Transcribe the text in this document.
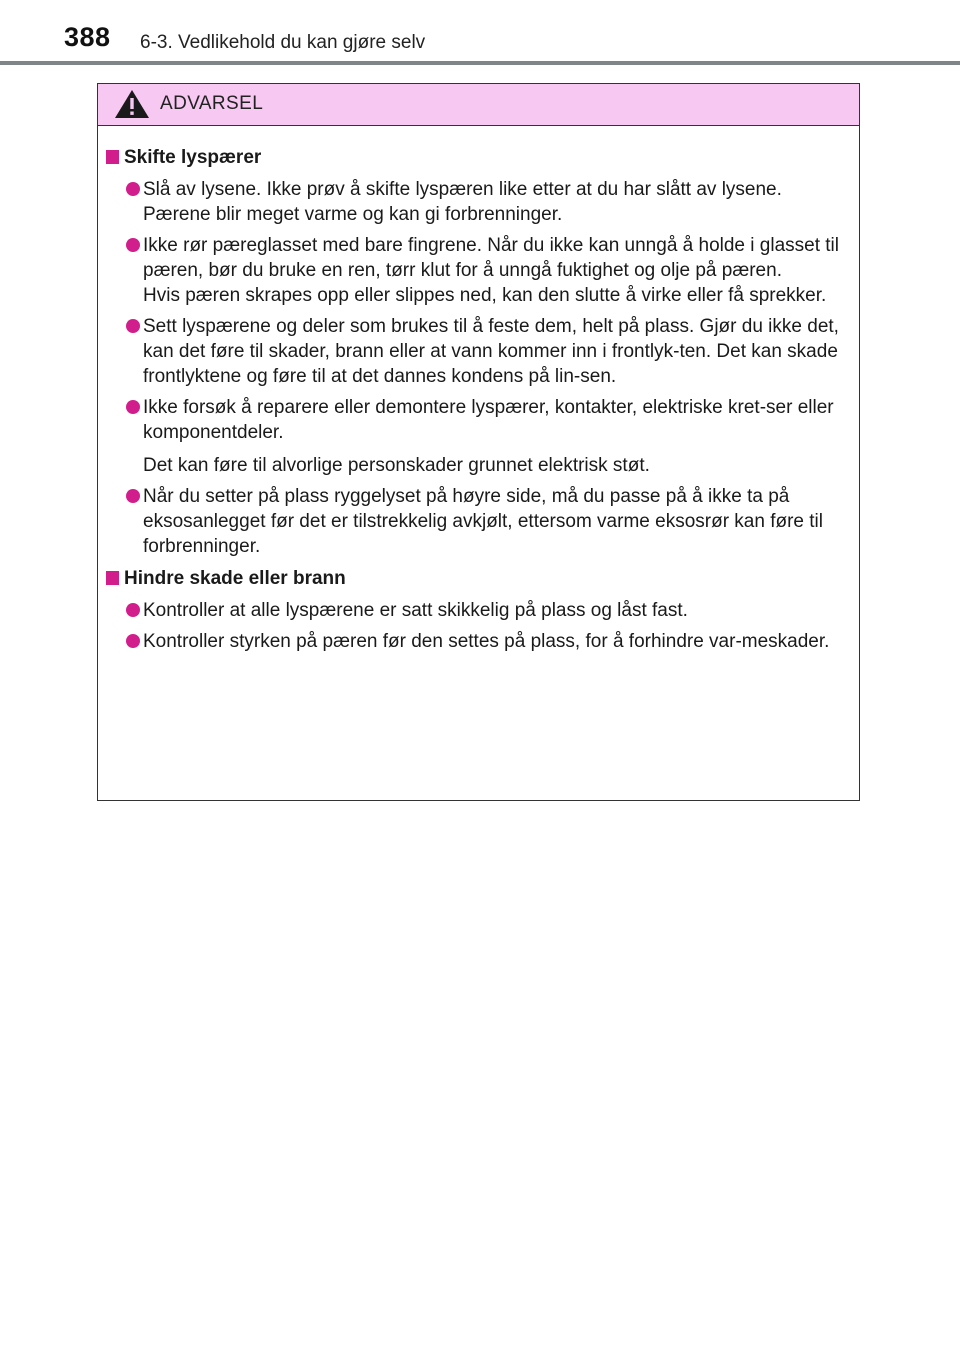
388 6-3. Vedlikehold du kan gjøre selv
ADVARSEL
Skifte lyspærer
Slå av lysene. Ikke prøv å skifte lyspæren like etter at du har slått av lysene.
Pærene blir meget varme og kan gi forbrenninger.
Ikke rør pæreglasset med bare fingrene. Når du ikke kan unngå å holde i glasset til pæren, bør du bruke en ren, tørr klut for å unngå fuktighet og olje på pæren.
Hvis pæren skrapes opp eller slippes ned, kan den slutte å virke eller få sprekker.
Sett lyspærene og deler som brukes til å feste dem, helt på plass. Gjør du ikke det, kan det føre til skader, brann eller at vann kommer inn i frontlyk-ten. Det kan skade frontlyktene og føre til at det dannes kondens på lin-sen.
Ikke forsøk å reparere eller demontere lyspærer, kontakter, elektriske kret-ser eller komponentdeler.
Det kan føre til alvorlige personskader grunnet elektrisk støt.
Når du setter på plass ryggelyset på høyre side, må du passe på å ikke ta på eksosanlegget før det er tilstrekkelig avkjølt, ettersom varme eksosrør kan føre til forbrenninger.
Hindre skade eller brann
Kontroller at alle lyspærene er satt skikkelig på plass og låst fast.
Kontroller styrken på pæren før den settes på plass, for å forhindre var-meskader.
